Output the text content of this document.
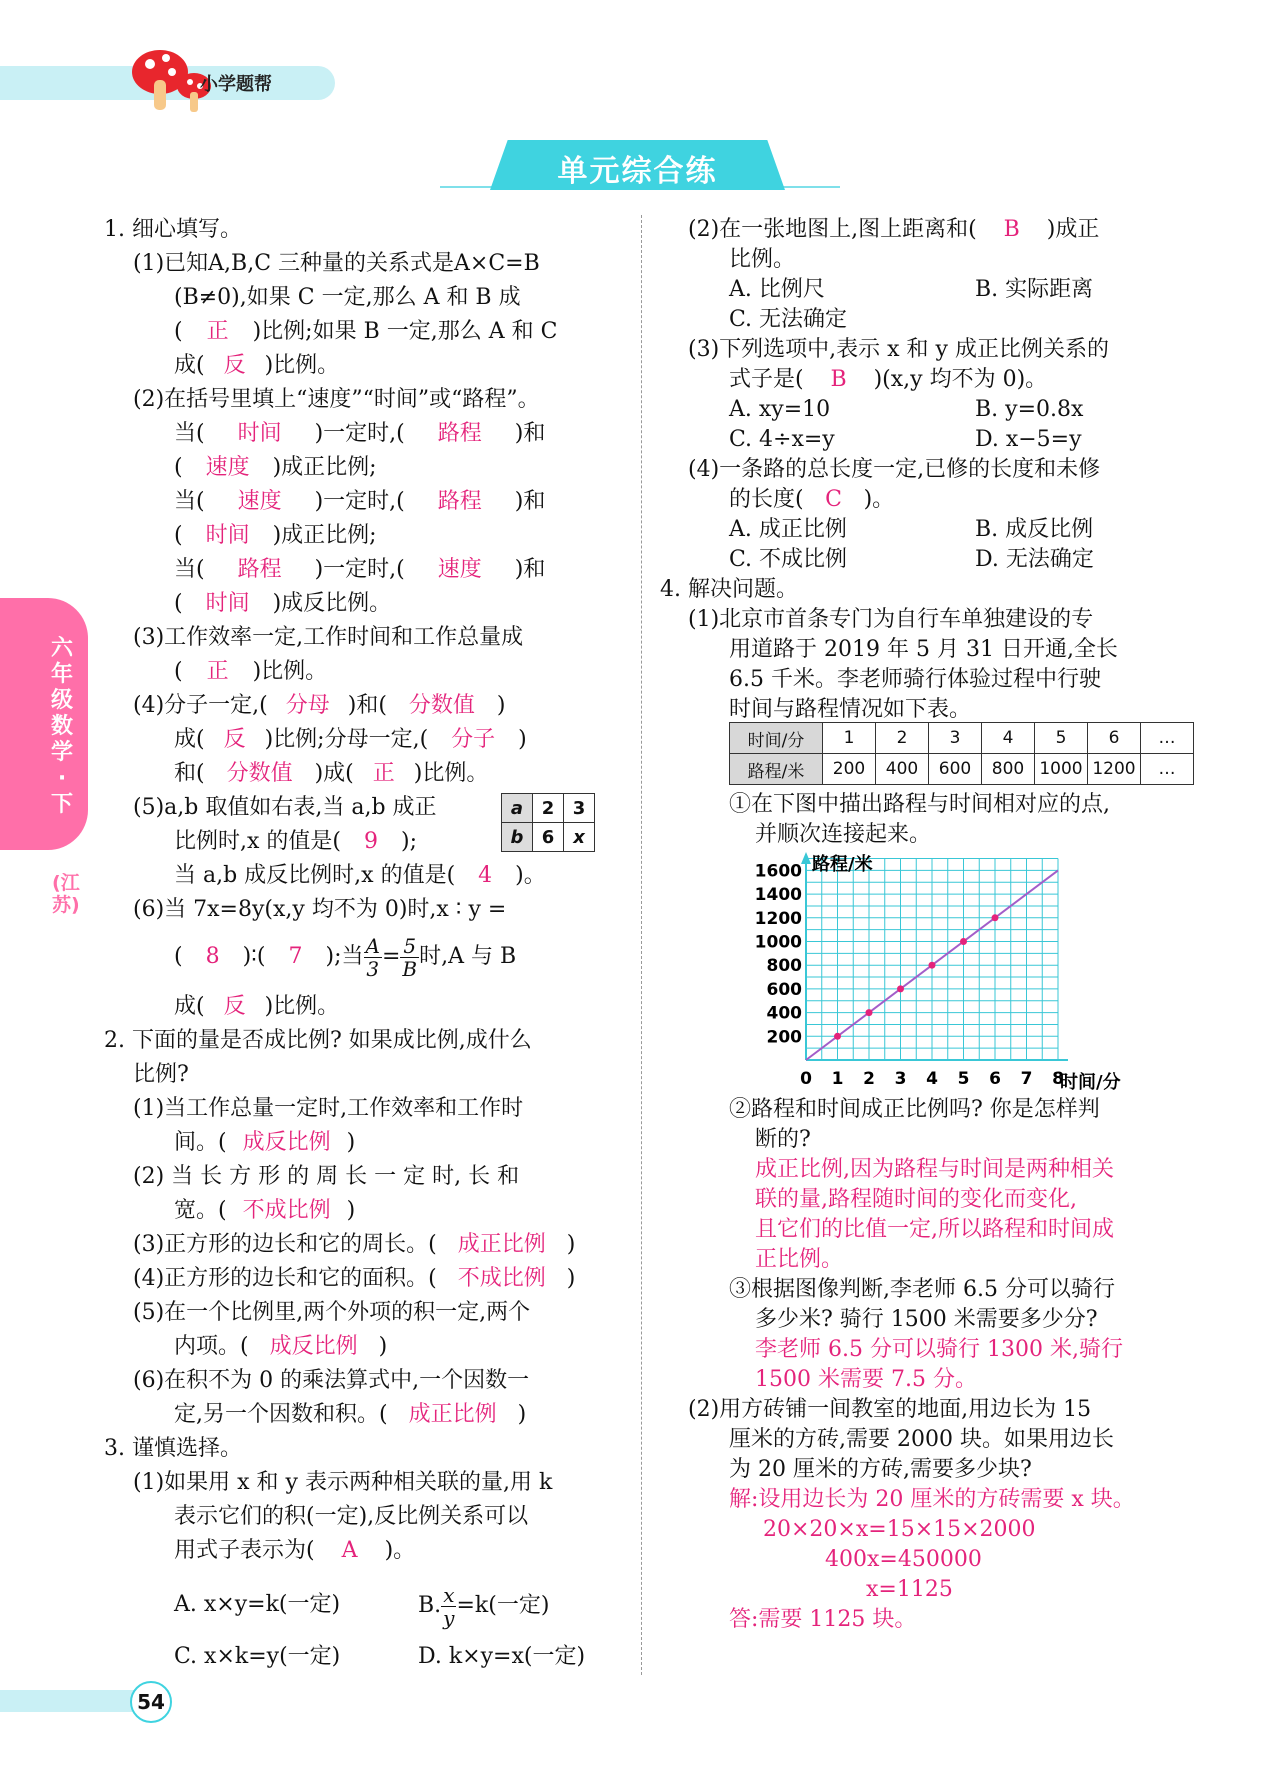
小学题帮
单元综合练
六年级数学·下
(江苏)
1. 细心填写。
(1)已知A,B,C 三种量的关系式是A×C=B
(B≠0),如果 C 一定,那么 A 和 B 成
( 正 )比例;如果 B 一定,那么 A 和 C
成( 反 )比例。
(2)在括号里填上“速度”“时间”或“路程”。
当( 时间 )一定时,( 路程 )和
( 速度 )成正比例;
当( 速度 )一定时,( 路程 )和
( 时间 )成正比例;
当( 路程 )一定时,( 速度 )和
( 时间 )成反比例。
(3)工作效率一定,工作时间和工作总量成
( 正 )比例。
(4)分子一定,( 分母 )和( 分数值 )
成( 反 )比例;分母一定,( 分子 )
和( 分数值 )成( 正 )比例。
(5)a,b 取值如右表,当 a,b 成正	a	2	3
b	6	x
比例时,x 的值是( 9 );
当 a,b 成反比例时,x 的值是( 4 )。
(6)当 7x=8y(x,y 均不为 0)时,x ∶ y =
( 8 )∶( 7 );当 $\frac{A}{3} = \frac{5}{B}$ 时,A 与 B
成( 反 )比例。
2. 下面的量是否成比例? 如果成比例,成什么
比例?
(1)当工作总量一定时,工作效率和工作时
间。( 成反比例 )
(2) 当 长 方 形 的 周 长 一 定 时, 长 和
宽。( 不成比例 )
(3)正方形的边长和它的周长。( 成正比例 )
(4)正方形的边长和它的面积。( 不成比例 )
(5)在一个比例里,两个外项的积一定,两个
内项。( 成反比例 )
(6)在积不为 0 的乘法算式中,一个因数一
定,另一个因数和积。( 成正比例 )
3. 谨慎选择。
(1)如果用 x 和 y 表示两种相关联的量,用 k
表示它们的积(一定),反比例关系可以
用式子表示为( A )。
A. x×y=k(一定)	B. $\frac{x}{y} =k$(一定)
C. x×k=y(一定)	D. k×y=x(一定)
(2)在一张地图上,图上距离和( B )成正
比例。
A. 比例尺	B. 实际距离
C. 无法确定
(3)下列选项中,表示 x 和 y 成正比例关系的
式子是( B )(x,y 均不为 0)。
A. xy=10	B. y=0.8x
C. 4÷x=y	D. x−5=y
(4)一条路的总长度一定,已修的长度和未修
的长度( C )。
A. 成正比例	B. 成反比例
C. 不成比例	D. 无法确定
4. 解决问题。
(1)北京市首条专门为自行车单独建设的专
用道路于 2019 年 5 月 31 日开通,全长
6.5 千米。李老师骑行体验过程中行驶
时间与路程情况如下表。
时间/分	1	2	3	4	5	6	…
路程/米	200	400	600	800	1000	1200	…
①在下图中描出路程与时间相对应的点,
并顺次连接起来。
0 1 2 3 4 5 6 7 8
200
400
600
800
1000
1200
1400
1600 路程/米
时间/分
②路程和时间成正比例吗? 你是怎样判
断的?
成正比例,因为路程与时间是两种相关
联的量,路程随时间的变化而变化,
且它们的比值一定,所以路程和时间成
正比例。
③根据图像判断,李老师 6.5 分可以骑行
多少米? 骑行 1500 米需要多少分?
李老师 6.5 分可以骑行 1300 米,骑行
1500 米需要 7.5 分。
(2)用方砖铺一间教室的地面,用边长为 15
厘米的方砖,需要 2000 块。如果用边长
为 20 厘米的方砖,需要多少块?
解:设用边长为 20 厘米的方砖需要 x 块。
20×20×x=15×15×2000
400x=450000
x=1125
答:需要 1125 块。
54
